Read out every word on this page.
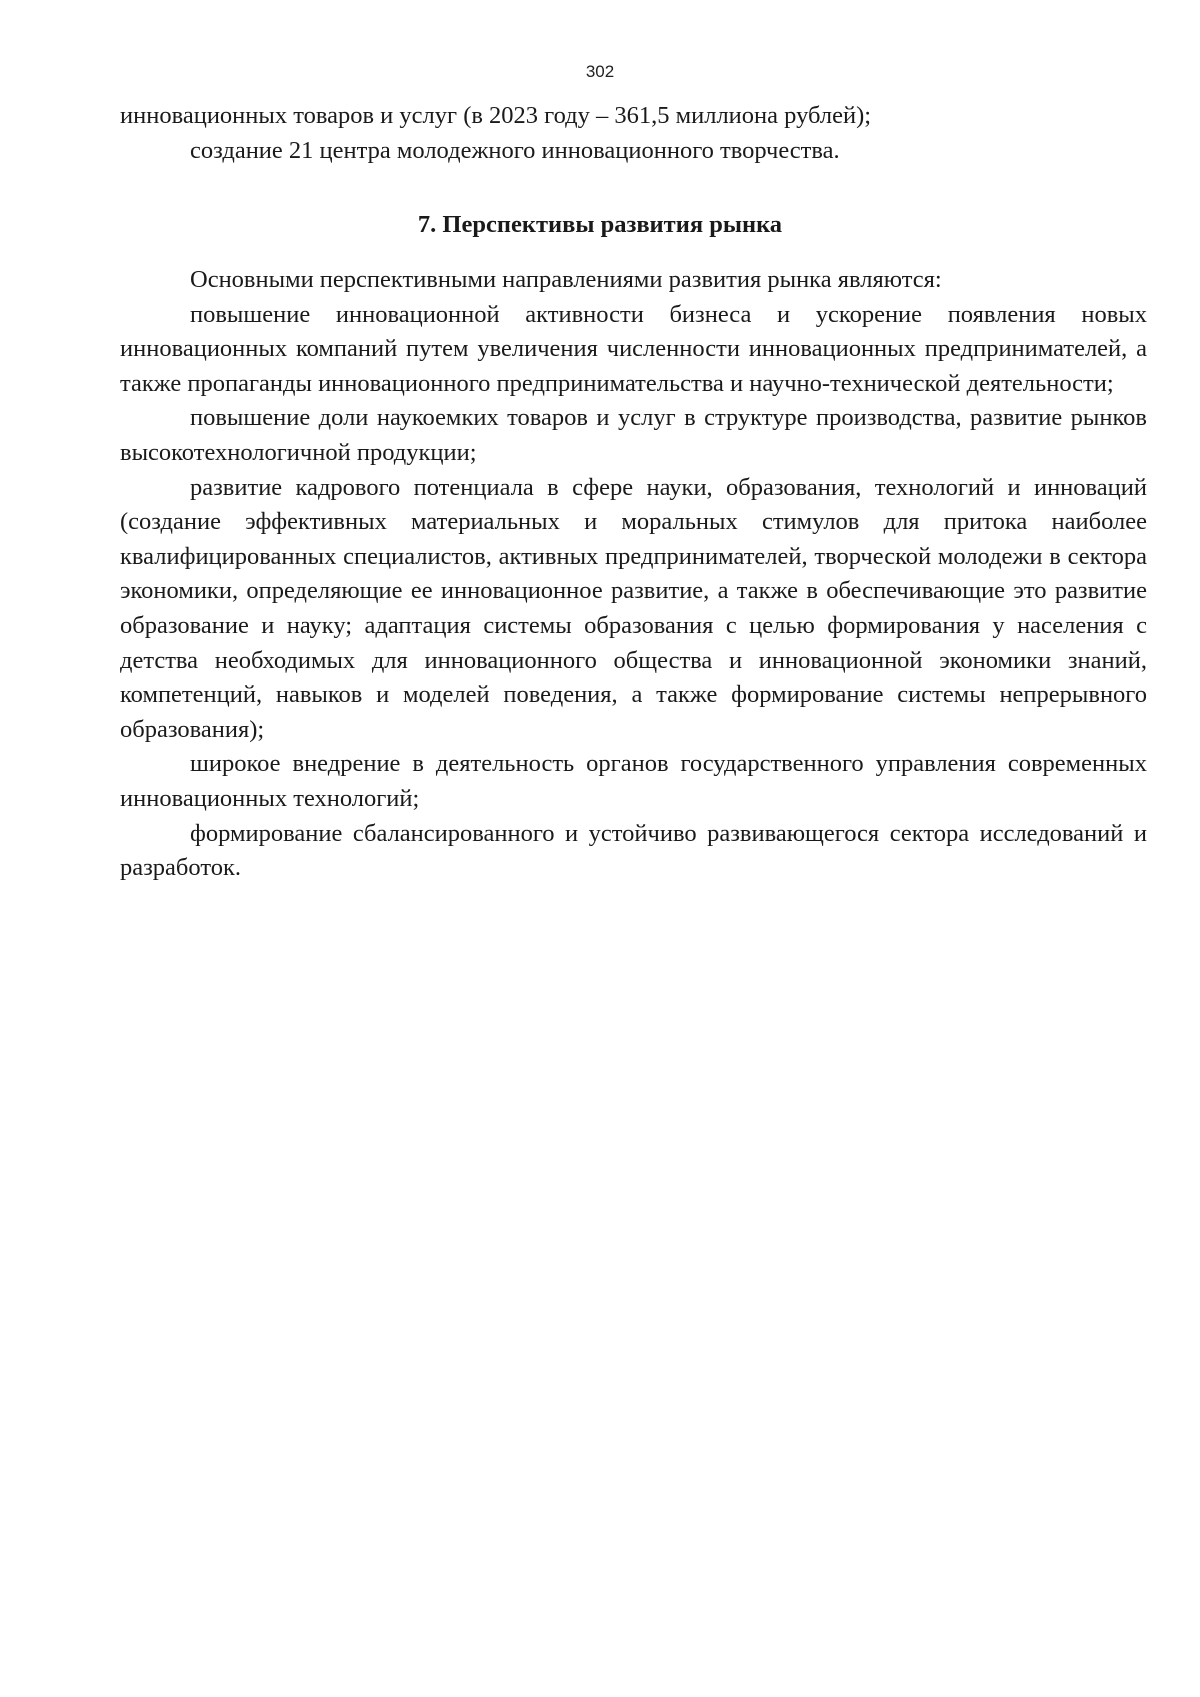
302

инновационных товаров и услуг (в 2023 году – 361,5 миллиона рублей);

создание 21 центра молодежного инновационного творчества.

7. Перспективы развития рынка

Основными перспективными направлениями развития рынка являются:

повышение инновационной активности бизнеса и ускорение появления новых инновационных компаний путем увеличения численности инновационных предпринимателей, а также пропаганды инновационного предпринимательства и научно-технической деятельности;

повышение доли наукоемких товаров и услуг в структуре производства, развитие рынков высокотехнологичной продукции;

развитие кадрового потенциала в сфере науки, образования, технологий и инноваций (создание эффективных материальных и моральных стимулов для притока наиболее квалифицированных специалистов, активных предпринимателей, творческой молодежи в сектора экономики, определяющие ее инновационное развитие, а также в обеспечивающие это развитие образование и науку; адаптация системы образования с целью формирования у населения с детства необходимых для инновационного общества и инновационной экономики знаний, компетенций, навыков и моделей поведения, а также формирование системы непрерывного образования);

широкое внедрение в деятельность органов государственного управления современных инновационных технологий;

формирование сбалансированного и устойчиво развивающегося сектора исследований и разработок.
